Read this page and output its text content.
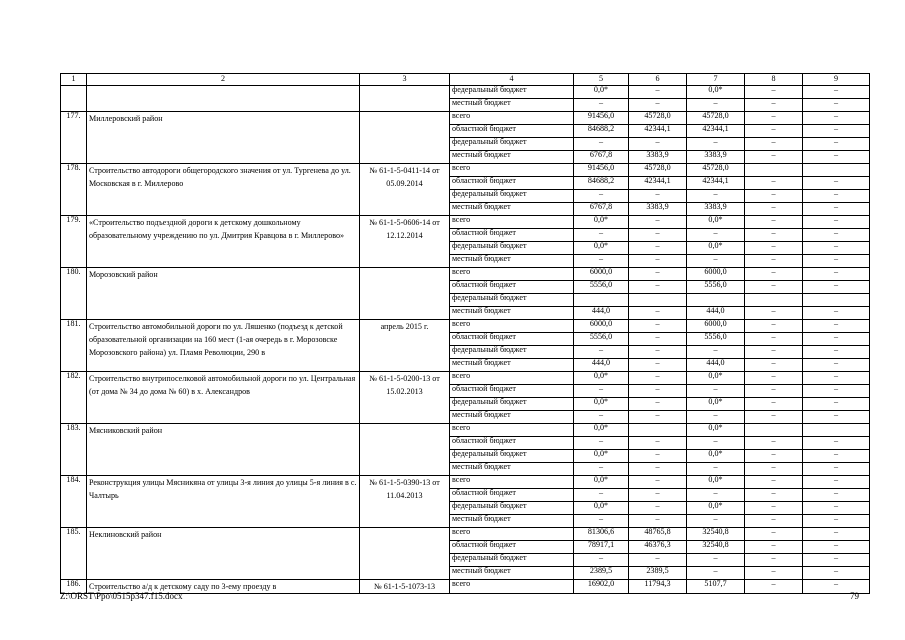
1	2	3	4	5	6	7	8	9
			федеральный бюджет	0,0*	–	0,0*	–	–
			местный бюджет	–	–	–	–	–
177.	Миллеровский район		всего	91456,0	45728,0	45728,0	–	–
			областной бюджет	84688,2	42344,1	42344,1	–	–
			федеральный бюджет	–	–	–	–	–
			местный бюджет	6767,8	3383,9	3383,9	–	–
178.	Строительство автодороги общегородского значения от ул. Тургенева до ул. Московская в г. Миллерово	№ 61-1-5-0411-14 от 05.09.2014	всего	91456,0	45728,0	45728,0		
			областной бюджет	84688,2	42344,1	42344,1	–	–
			федеральный бюджет	–	–	–	–	–
			местный бюджет	6767,8	3383,9	3383,9	–	–
179.	«Строительство подъездной дороги к детскому дошкольному образовательному учреждению по ул. Дмитрия Кравцова в г. Миллерово»	№ 61-1-5-0606-14 от 12.12.2014	всего	0,0*	–	0,0*	–	–
			областной бюджет	–	–	–	–	–
			федеральный бюджет	0,0*	–	0,0*	–	–
			местный бюджет	–	–	–	–	–
180.	Морозовский район		всего	6000,0	–	6000,0	–	–
			областной бюджет	5556,0	–	5556,0	–	–
			федеральный бюджет					
			местный бюджет	444,0	–	444,0	–	–
181.	Строительство автомобильной дороги по ул. Ляшенко (подъезд к детской образовательной организации на 160 мест (1-ая очередь в г. Морозовске Морозовского района) ул. Пламя Революции, 290 в	апрель 2015 г.	всего	6000,0	–	6000,0	–	–
			областной бюджет	5556,0	–	5556,0	–	–
			федеральный бюджет	–	–	–	–	–
			местный бюджет	444,0	–	444,0	–	–
182.	Строительство внутрипоселковой автомобильной дороги по ул. Центральная (от дома № 34 до дома № 60) в х. Александров	№ 61-1-5-0200-13 от 15.02.2013	всего	0,0*	–	0,0*	–	–
			областной бюджет	–	–	–	–	–
			федеральный бюджет	0,0*	–	0,0*	–	–
			местный бюджет	–	–	–	–	–
183.	Мясниковский район		всего	0,0*		0,0*		
			областной бюджет	–	–	–	–	–
			федеральный бюджет	0,0*	–	0,0*	–	–
			местный бюджет	–	–	–	–	–
184.	Реконструкция улицы Мясникяна от улицы 3-я линия до улицы 5-я линия в с. Чалтырь	№ 61-1-5-0390-13 от 11.04.2013	всего	0,0*	–	0,0*	–	–
			областной бюджет	–	–	–	–	–
			федеральный бюджет	0,0*	–	0,0*	–	–
			местный бюджет	–	–	–	–	–
185.	Неклиновский район		всего	81306,6	48765,8	32540,8	–	–
			областной бюджет	78917,1	46376,3	32540,8	–	–
			федеральный бюджет	–	–	–	–	–
			местный бюджет	2389,5	2389,5	–	–	–
186.	Строительство а/д к детскому саду по 3-ему проезду в	№ 61-1-5-1073-13	всего	16902,0	11794,3	5107,7	–	–
Z:\ORST\Ppo\0515p347.f15.docx	79
